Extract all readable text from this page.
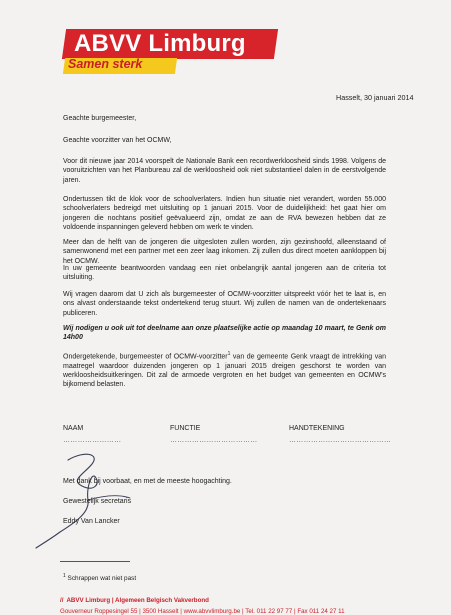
ABVV Limburg
Samen sterk

Hasselt, 30 januari 2014

Geachte burgemeester,

Geachte voorzitter van het OCMW,

Voor dit nieuwe jaar 2014 voorspelt de Nationale Bank een recordwerkloosheid sinds 1998. Volgens de vooruitzichten van het Planbureau zal de werkloosheid ook niet substantieel dalen in de eerstvolgende jaren.

Ondertussen tikt de klok voor de schoolverlaters. Indien hun situatie niet verandert, worden 55.000 schoolverlaters bedreigd met uitsluiting op 1 januari 2015. Voor de duidelijkheid: het gaat hier om jongeren die nochtans positief geëvalueerd zijn, omdat ze aan de RVA bewezen hebben dat ze voldoende inspanningen geleverd hebben om werk te vinden.

Meer dan de helft van de jongeren die uitgesloten zullen worden, zijn gezinshoofd, alleenstaand of samenwonend met een partner met een zeer laag inkomen. Zij zullen dus direct moeten aankloppen bij het OCMW.

In uw gemeente beantwoorden vandaag een niet onbelangrijk aantal jongeren aan de criteria tot uitsluiting.

Wij vragen daarom dat U zich als burgemeester of OCMW-voorzitter uitspreekt vóór het te laat is, en ons alvast onderstaande tekst ondertekend terug stuurt. Wij zullen de namen van de ondertekenaars publiceren.

Wij nodigen u ook uit tot deelname aan onze plaatselijke actie op maandag 10 maart, te Genk om 14h00

Ondergetekende, burgemeester of OCMW-voorzitter$^1$ van de gemeente Genk vraagt de intrekking van maatregel waardoor duizenden jongeren op 1 januari 2015 dreigen geschorst te worden van werkloosheidsuitkeringen. Dit zal de armoede vergroten en het budget van gemeenten en OCMW's bijkomend belasten.

NAAM	FUNCTIE	HANDTEKENING
……………………	………………………………	……………………………………

Met dank bij voorbaat, en met de meeste hoogachting.

Gewestelijk secretaris

Eddy Van Lancker

$^1$ Schrappen wat niet past

// ABVV Limburg | Algemeen Belgisch Vakverbond

Gouverneur Roppesingel 55 | 3500 Hasselt | www.abvvlimburg.be | Tel. 011 22 97 77 | Fax 011 24 27 11
